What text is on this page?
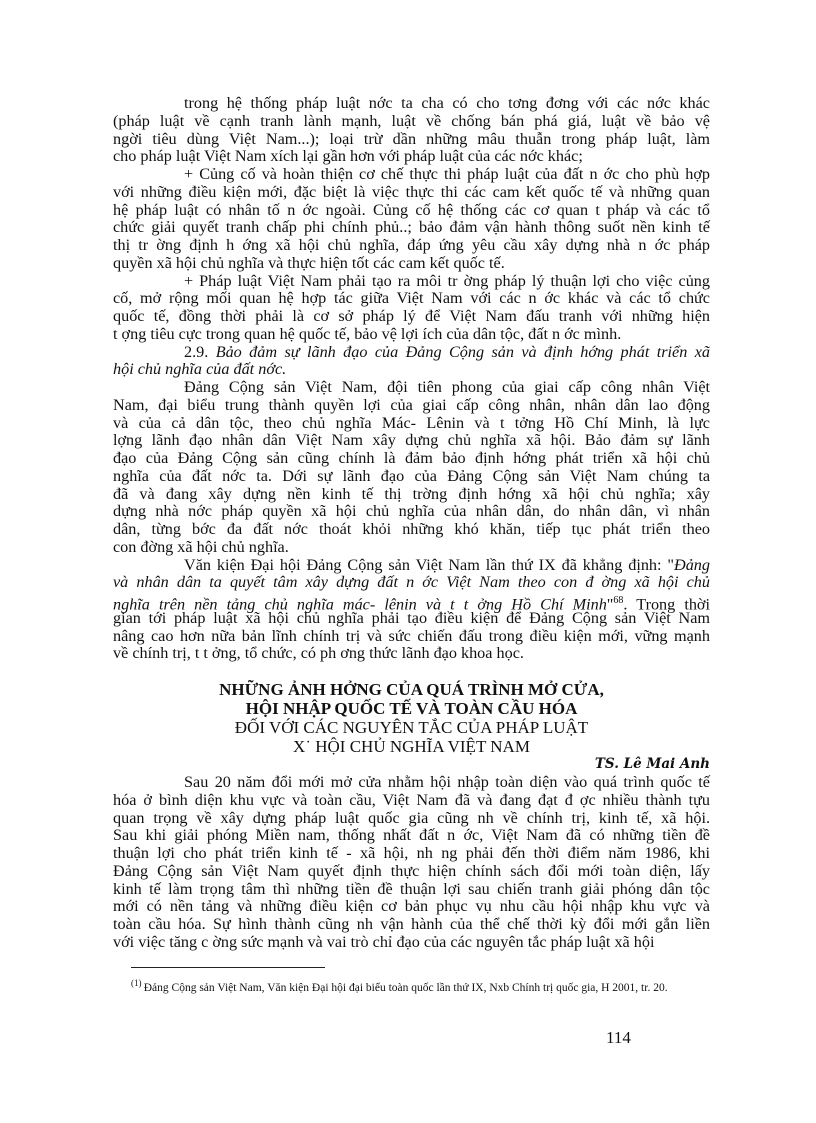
trong hệ thống pháp luật nớc ta cha có cho tơng đơng với các nớc khác
(pháp luật về cạnh tranh lành mạnh, luật về chống bán phá giá, luật về bảo vệ
ngời tiêu dùng Việt Nam...); loại trừ dần những mâu thuẫn trong pháp luật, làm
cho pháp luật Việt Nam xích lại gần hơn với pháp luật của các nớc khác;
+ Củng cố và hoàn thiện cơ chế thực thi pháp luật của đất n ớc cho phù hợp
với những điều kiện mới, đặc biệt là việc thực thi các cam kết quốc tế và những quan
hệ pháp luật có nhân tố n ớc ngoài. Củng cố hệ thống các cơ quan t pháp và các tổ
chức giải quyết tranh chấp phi chính phủ..; bảo đảm vận hành thông suốt nền kinh tế
thị tr ờng định h ớng xã hội chủ nghĩa, đáp ứng yêu cầu xây dựng nhà n ớc pháp
quyền xã hội chủ nghĩa và thực hiện tốt các cam kết quốc tế.
+ Pháp luật Việt Nam phải tạo ra môi tr ờng pháp lý thuận lợi cho việc củng
cố, mở rộng mối quan hệ hợp tác giữa Việt Nam với các n ớc khác và các tổ chức
quốc tế, đồng thời phải là cơ sở pháp lý để Việt Nam đấu tranh với những hiện
t ợng tiêu cực trong quan hệ quốc tế, bảo vệ lợi ích của dân tộc, đất n ớc mình.
2.9. Bảo đảm sự lãnh đạo của Đảng Cộng sản và định hớng phát triển xã
hội chủ nghĩa của đất nớc.
Đảng Cộng sản Việt Nam, đội tiên phong của giai cấp công nhân Việt
Nam, đại biểu trung thành quyền lợi của giai cấp công nhân, nhân dân lao động
và của cả dân tộc, theo chủ nghĩa Mác- Lênin và t tởng Hồ Chí Minh, là lực
lợng lãnh đạo nhân dân Việt Nam xây dựng chủ nghĩa xã hội. Bảo đảm sự lãnh
đạo của Đảng Cộng sản cũng chính là đảm bảo định hớng phát triển xã hội chủ
nghĩa của đất nớc ta. Dới sự lãnh đạo của Đảng Cộng sản Việt Nam chúng ta
đã và đang xây dựng nền kinh tế thị trờng định hớng xã hội chủ nghĩa; xây
dựng nhà nớc pháp quyền xã hội chủ nghĩa của nhân dân, do nhân dân, vì nhân
dân, từng bớc đa đất nớc thoát khỏi những khó khăn, tiếp tục phát triển theo
con đờng xã hội chủ nghĩa.
Văn kiện Đại hội Đảng Cộng sản Việt Nam lần thứ IX đã khẳng định: "Đảng
và nhân dân ta quyết tâm xây dựng đất n ớc Việt Nam theo con đ ờng xã hội chủ
nghĩa trên nền tảng chủ nghĩa mác- lênin và t t ởng Hồ Chí Minh"$^{68}$. Trong thời
gian tới pháp luật xã hội chủ nghĩa phải tạo điều kiện để Đảng Cộng sản Việt Nam
nâng cao hơn nữa bản lĩnh chính trị và sức chiến đấu trong điều kiện mới, vững mạnh
về chính trị, t t ởng, tổ chức, có ph ơng thức lãnh đạo khoa học.
NHỮNG ẢNH HỞNG CỦA QUÁ TRÌNH MỞ CỬA,
HỘI NHẬP QUỐC TẾ VÀ TOÀN CẦU HÓA
ĐỐI VỚI CÁC NGUYÊN TẮC CỦA PHÁP LUẬT
X˙ HỘI CHỦ NGHĨA VIỆT NAM
TS. Lê Mai Anh
Sau 20 năm đổi mới mở cửa nhằm hội nhập toàn diện vào quá trình quốc tế
hóa ở bình diện khu vực và toàn cầu, Việt Nam đã và đang đạt đ ợc nhiều thành tựu
quan trọng về xây dựng pháp luật quốc gia cũng nh về chính trị, kinh tế, xã hội.
Sau khi giải phóng Miền nam, thống nhất đất n ớc, Việt Nam đã có những tiền đề
thuận lợi cho phát triển kinh tế - xã hội, nh ng phải đến thời điểm năm 1986, khi
Đảng Cộng sản Việt Nam quyết định thực hiện chính sách đổi mới toàn diện, lấy
kinh tế làm trọng tâm thì những tiền đề thuận lợi sau chiến tranh giải phóng dân tộc
mới có nền tảng và những điều kiện cơ bản phục vụ nhu cầu hội nhập khu vực và
toàn cầu hóa. Sự hình thành cũng nh vận hành của thể chế thời kỳ đổi mới gắn liền
với việc tăng c ờng sức mạnh và vai trò chỉ đạo của các nguyên tắc pháp luật xã hội
$^{(1)}$ Đảng Cộng sản Việt Nam, Văn kiện Đại hội đại biểu toàn quốc lần thứ IX, Nxb Chính trị quốc gia, H 2001, tr. 20.
114
